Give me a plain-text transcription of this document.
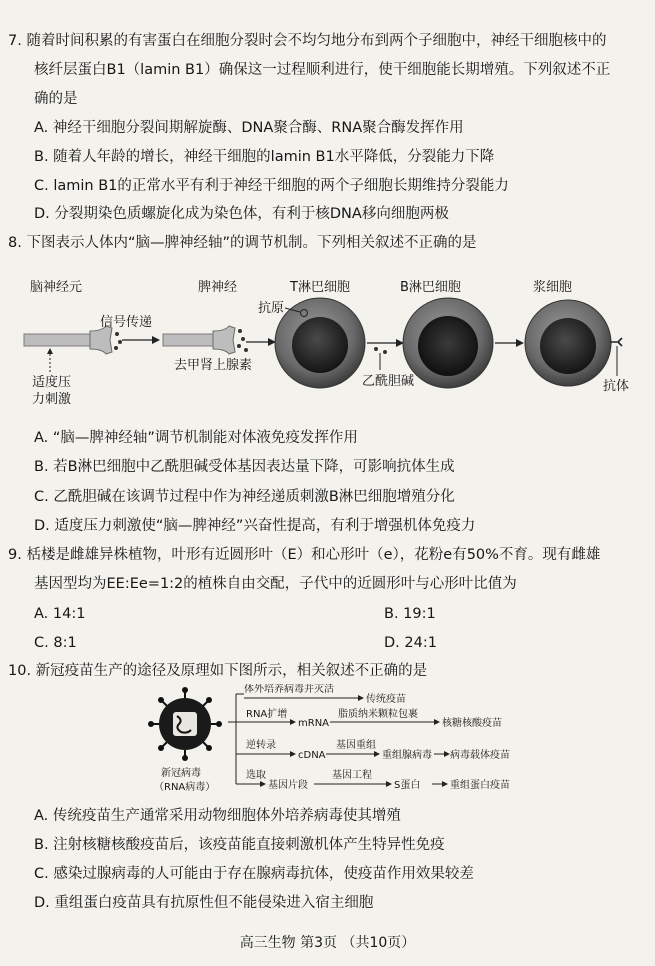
7. 随着时间积累的有害蛋白在细胞分裂时会不均匀地分布到两个子细胞中，神经干细胞核中的
核纤层蛋白B1（lamin B1）确保这一过程顺利进行，使干细胞能长期增殖。下列叙述不正
确的是
A. 神经干细胞分裂间期解旋酶、DNA聚合酶、RNA聚合酶发挥作用
B. 随着人年龄的增长，神经干细胞的lamin B1水平降低，分裂能力下降
C. lamin B1的正常水平有利于神经干细胞的两个子细胞长期维持分裂能力
D. 分裂期染色质螺旋化成为染色体，有利于核DNA移向细胞两极
8. 下图表示人体内“脑—脾神经轴”的调节机制。下列相关叙述不正确的是
脑神经元	脾神经	T淋巴细胞	B淋巴细胞	浆细胞
信号传递
适度压
力刺激
去甲肾上腺素
抗原
乙酰胆碱	抗体
A. “脑—脾神经轴”调节机制能对体液免疫发挥作用
B. 若B淋巴细胞中乙酰胆碱受体基因表达量下降，可影响抗体生成
C. 乙酰胆碱在该调节过程中作为神经递质刺激B淋巴细胞增殖分化
D. 适度压力刺激使“脑—脾神经”兴奋性提高，有利于增强机体免疫力
9. 栝楼是雌雄异株植物，叶形有近圆形叶（E）和心形叶（e），花粉e有50%不育。现有雌雄
基因型均为EE:Ee=1:2的植株自由交配，子代中的近圆形叶与心形叶比值为
A. 14:1	B. 19:1
C. 8:1	D. 24:1
10. 新冠疫苗生产的途径及原理如下图所示，相关叙述不正确的是
新冠病毒
（RNA病毒）
体外培养病毒并灭活
传统疫苗
RNA扩增
mRNA
脂质纳米颗粒包裹
核糖核酸疫苗
逆转录
cDNA
基因重组
重组腺病毒 病毒载体疫苗
选取
基因片段
基因工程
S蛋白	重组蛋白疫苗
A. 传统疫苗生产通常采用动物细胞体外培养病毒使其增殖
B. 注射核糖核酸疫苗后，该疫苗能直接刺激机体产生特异性免疫
C. 感染过腺病毒的人可能由于存在腺病毒抗体，使疫苗作用效果较差
D. 重组蛋白疫苗具有抗原性但不能侵染进入宿主细胞
高三生物 第3页 （共10页）
